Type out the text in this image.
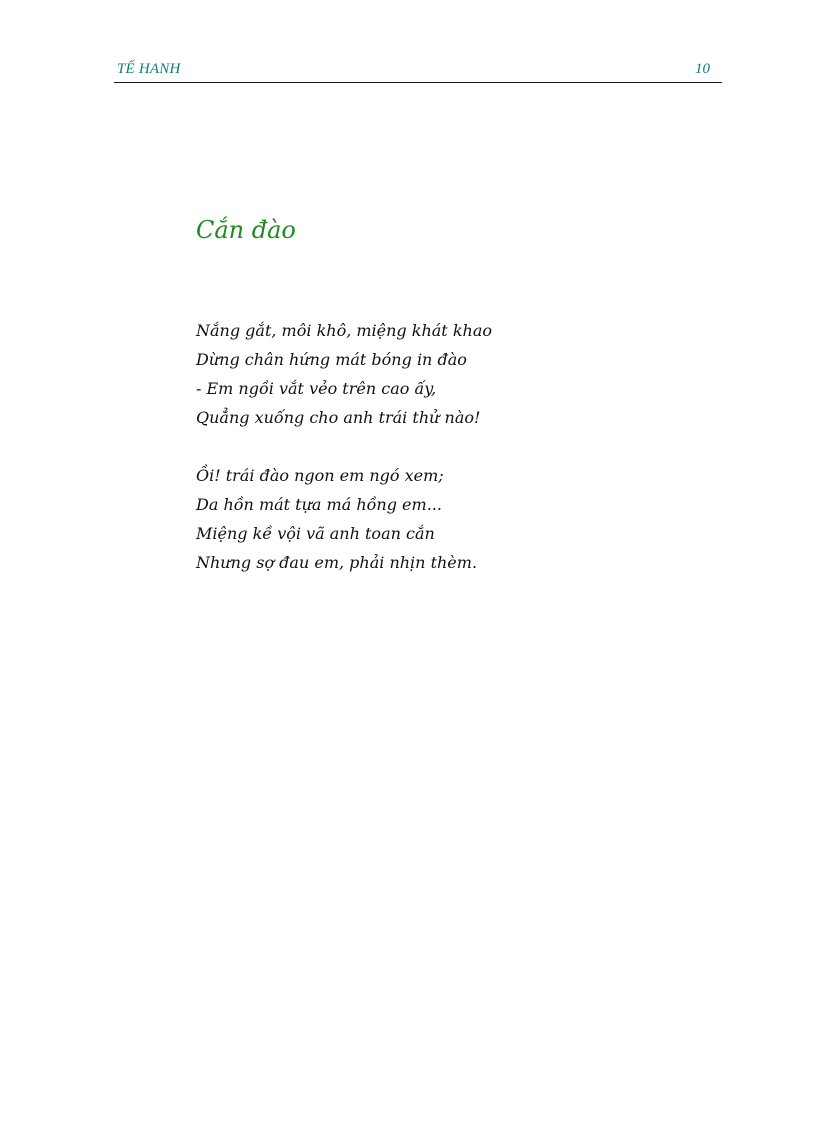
TẾ HANH	10
Cắn đào
Nắng gắt, môi khô, miệng khát khao
Dừng chân hứng mát bóng in đào
- Em ngồi vắt vẻo trên cao ấy,
Quẳng xuống cho anh trái thử nào!
Ồi! trái đào ngon em ngó xem;
Da hồn mát tựa má hồng em...
Miệng kề vội vã anh toan cắn
Nhưng sợ đau em, phải nhịn thèm.
